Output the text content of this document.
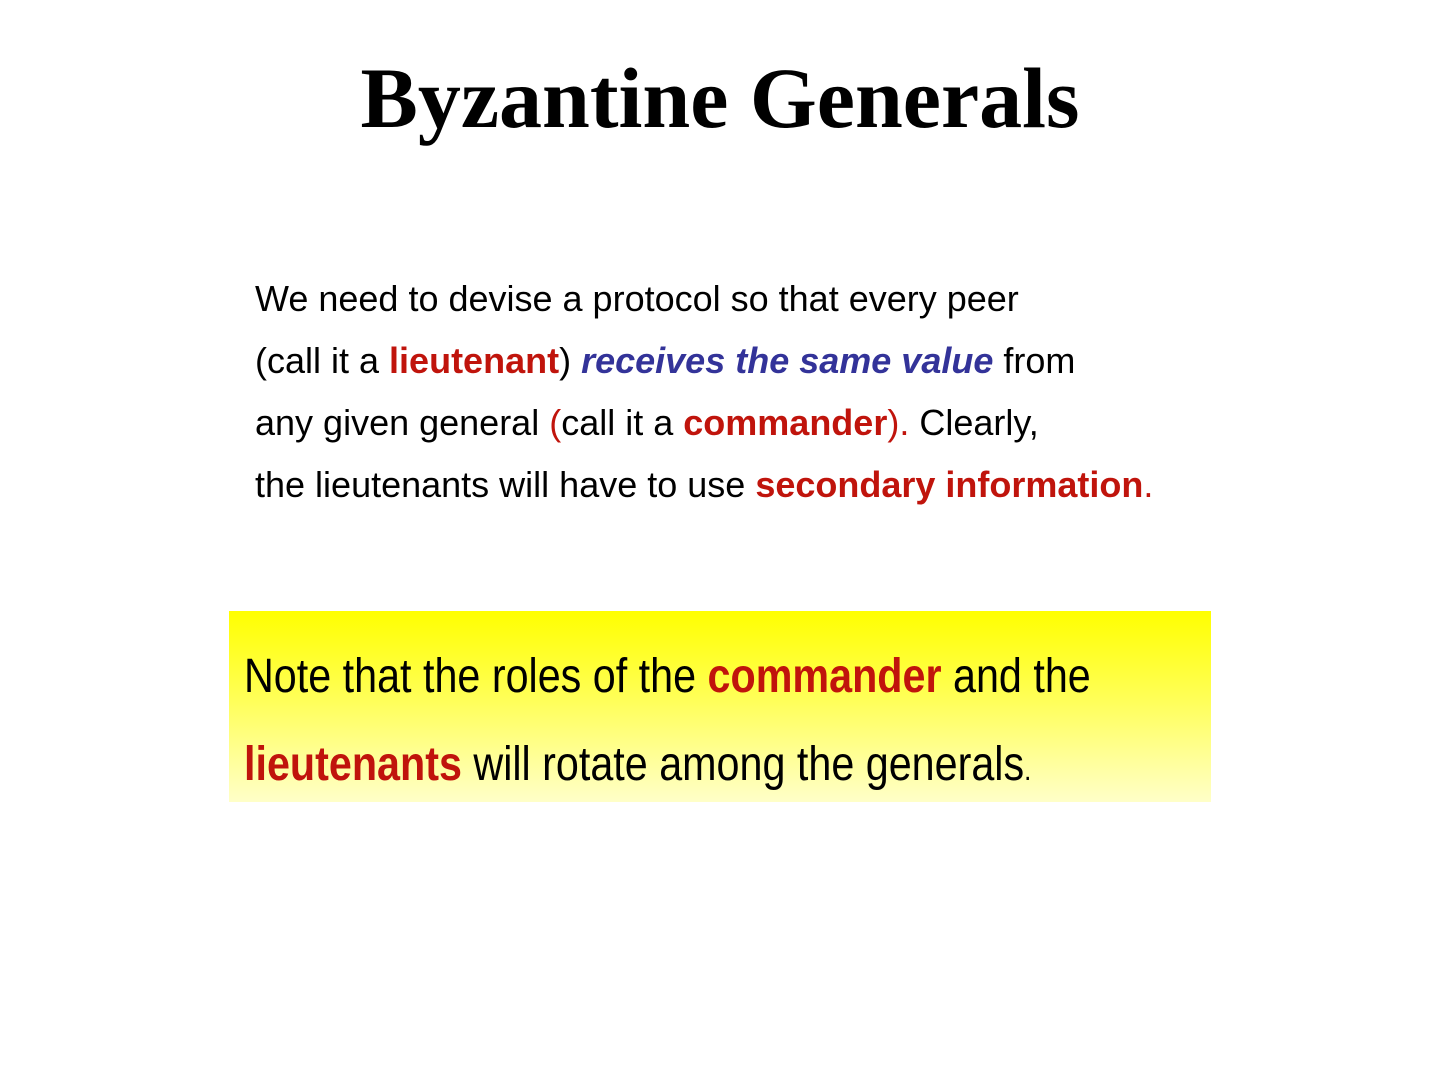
Byzantine Generals
We need to devise a protocol so that every peer
(call it a lieutenant) receives the same value from
any given general (call it a commander). Clearly,
the lieutenants will have to use secondary information.
Note that the roles of the commander and the
lieutenants will rotate among the generals.
